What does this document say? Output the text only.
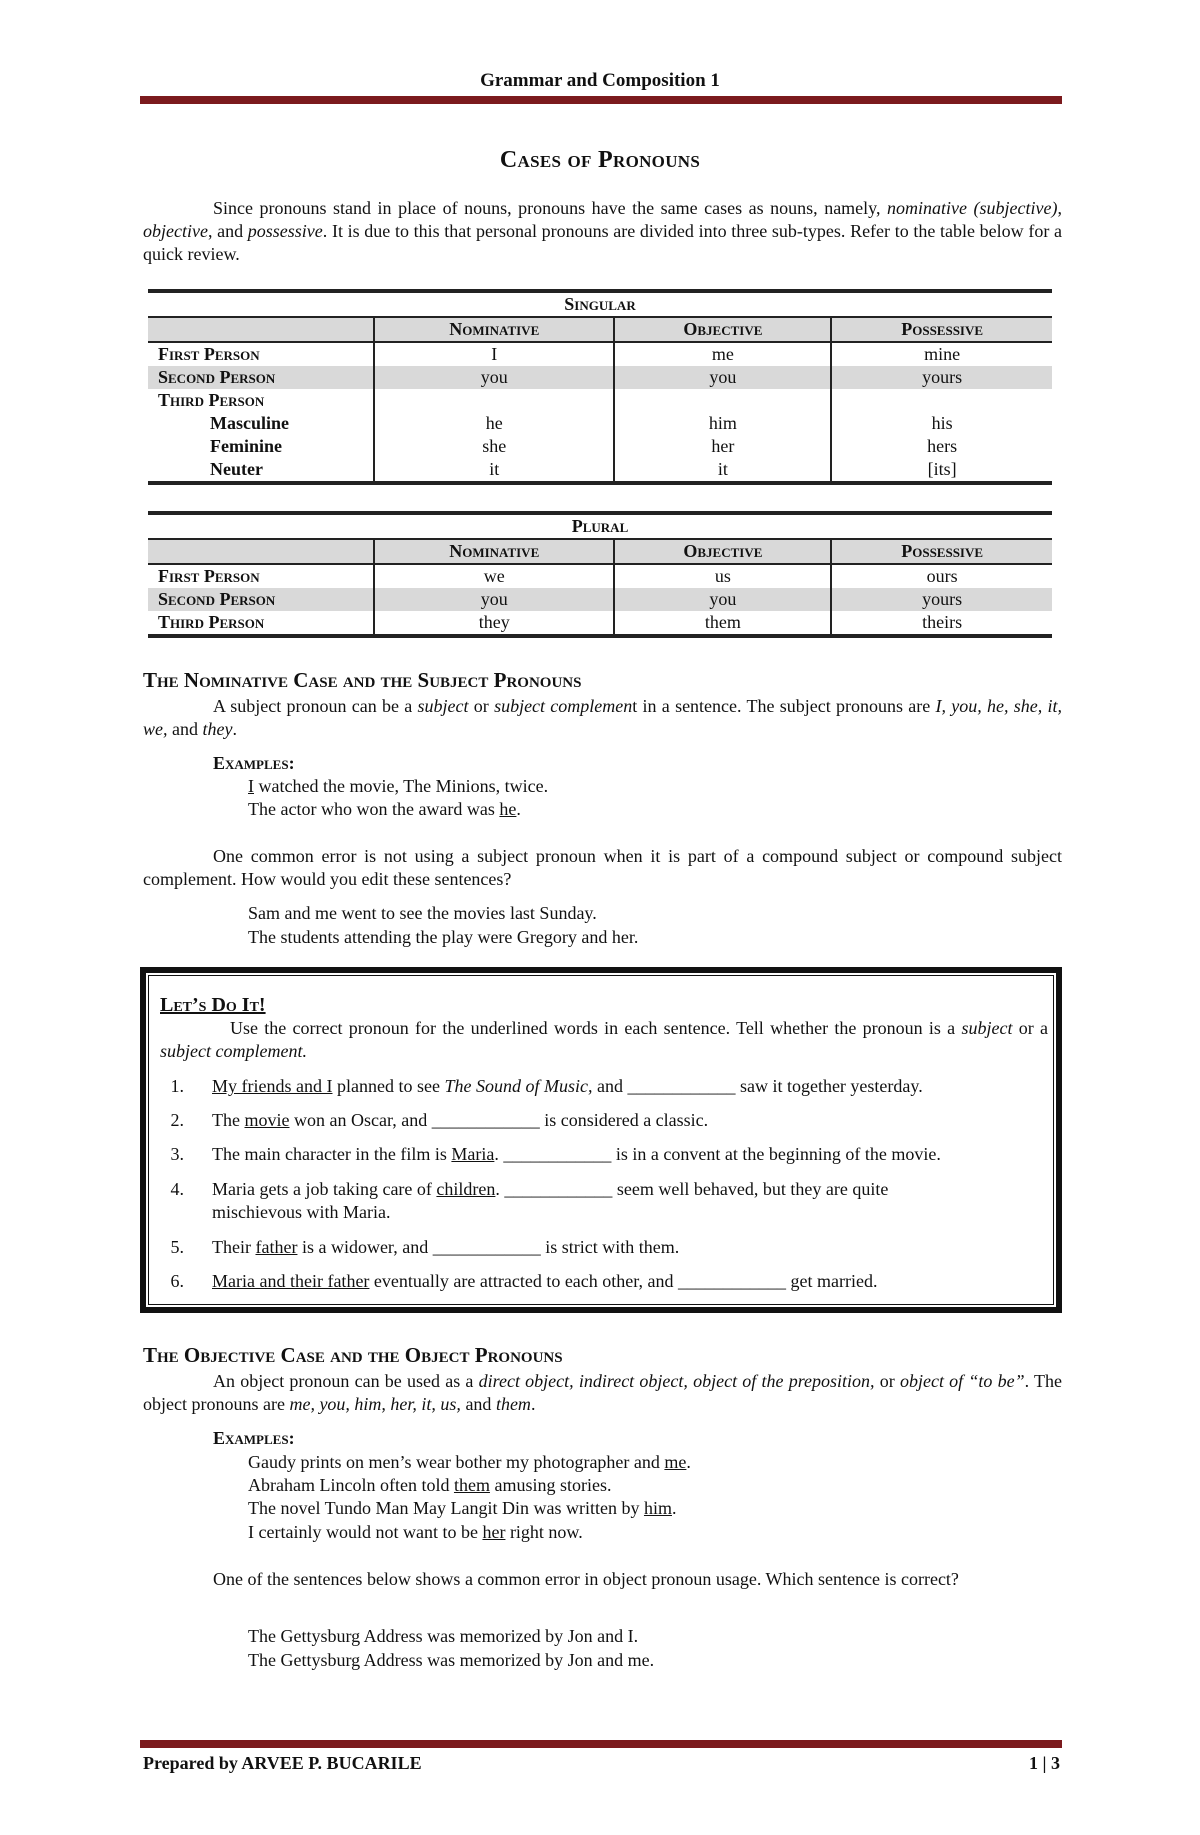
Grammar and Composition 1
Cases of Pronouns
Since pronouns stand in place of nouns, pronouns have the same cases as nouns, namely, nominative (subjective), objective, and possessive. It is due to this that personal pronouns are divided into three sub-types. Refer to the table below for a quick review.
Singular			
	Nominative	Objective	Possessive
First Person	I	me	mine
Second Person	you	you	yours
Third Person			
Masculine	he	him	his
Feminine	she	her	hers
Neuter	it	it	[its]
Plural			
	Nominative	Objective	Possessive
First Person	we	us	ours
Second Person	you	you	yours
Third Person	they	them	theirs
The Nominative Case and the Subject Pronouns
A subject pronoun can be a subject or subject complement in a sentence. The subject pronouns are I, you, he, she, it, we, and they.
Examples:
I watched the movie, The Minions, twice.
The actor who won the award was he.
One common error is not using a subject pronoun when it is part of a compound subject or compound subject complement. How would you edit these sentences?
Sam and me went to see the movies last Sunday.
The students attending the play were Gregory and her.
Let’s Do It!
Use the correct pronoun for the underlined words in each sentence. Tell whether the pronoun is a subject or a subject complement.
1. My friends and I planned to see The Sound of Music, and ____________ saw it together yesterday.
2. The movie won an Oscar, and ____________ is considered a classic.
3. The main character in the film is Maria. ____________ is in a convent at the beginning of the movie.
4. Maria gets a job taking care of children. ____________ seem well behaved, but they are quite
mischievous with Maria.
5. Their father is a widower, and ____________ is strict with them.
6. Maria and their father eventually are attracted to each other, and ____________ get married.
The Objective Case and the Object Pronouns
An object pronoun can be used as a direct object, indirect object, object of the preposition, or object of “to be”. The object pronouns are me, you, him, her, it, us, and them.
Examples:
Gaudy prints on men’s wear bother my photographer and me.
Abraham Lincoln often told them amusing stories.
The novel Tundo Man May Langit Din was written by him.
I certainly would not want to be her right now.
One of the sentences below shows a common error in object pronoun usage. Which sentence is correct?
The Gettysburg Address was memorized by Jon and I.
The Gettysburg Address was memorized by Jon and me.
Prepared by ARVEE P. BUCARILE	1 | 3
